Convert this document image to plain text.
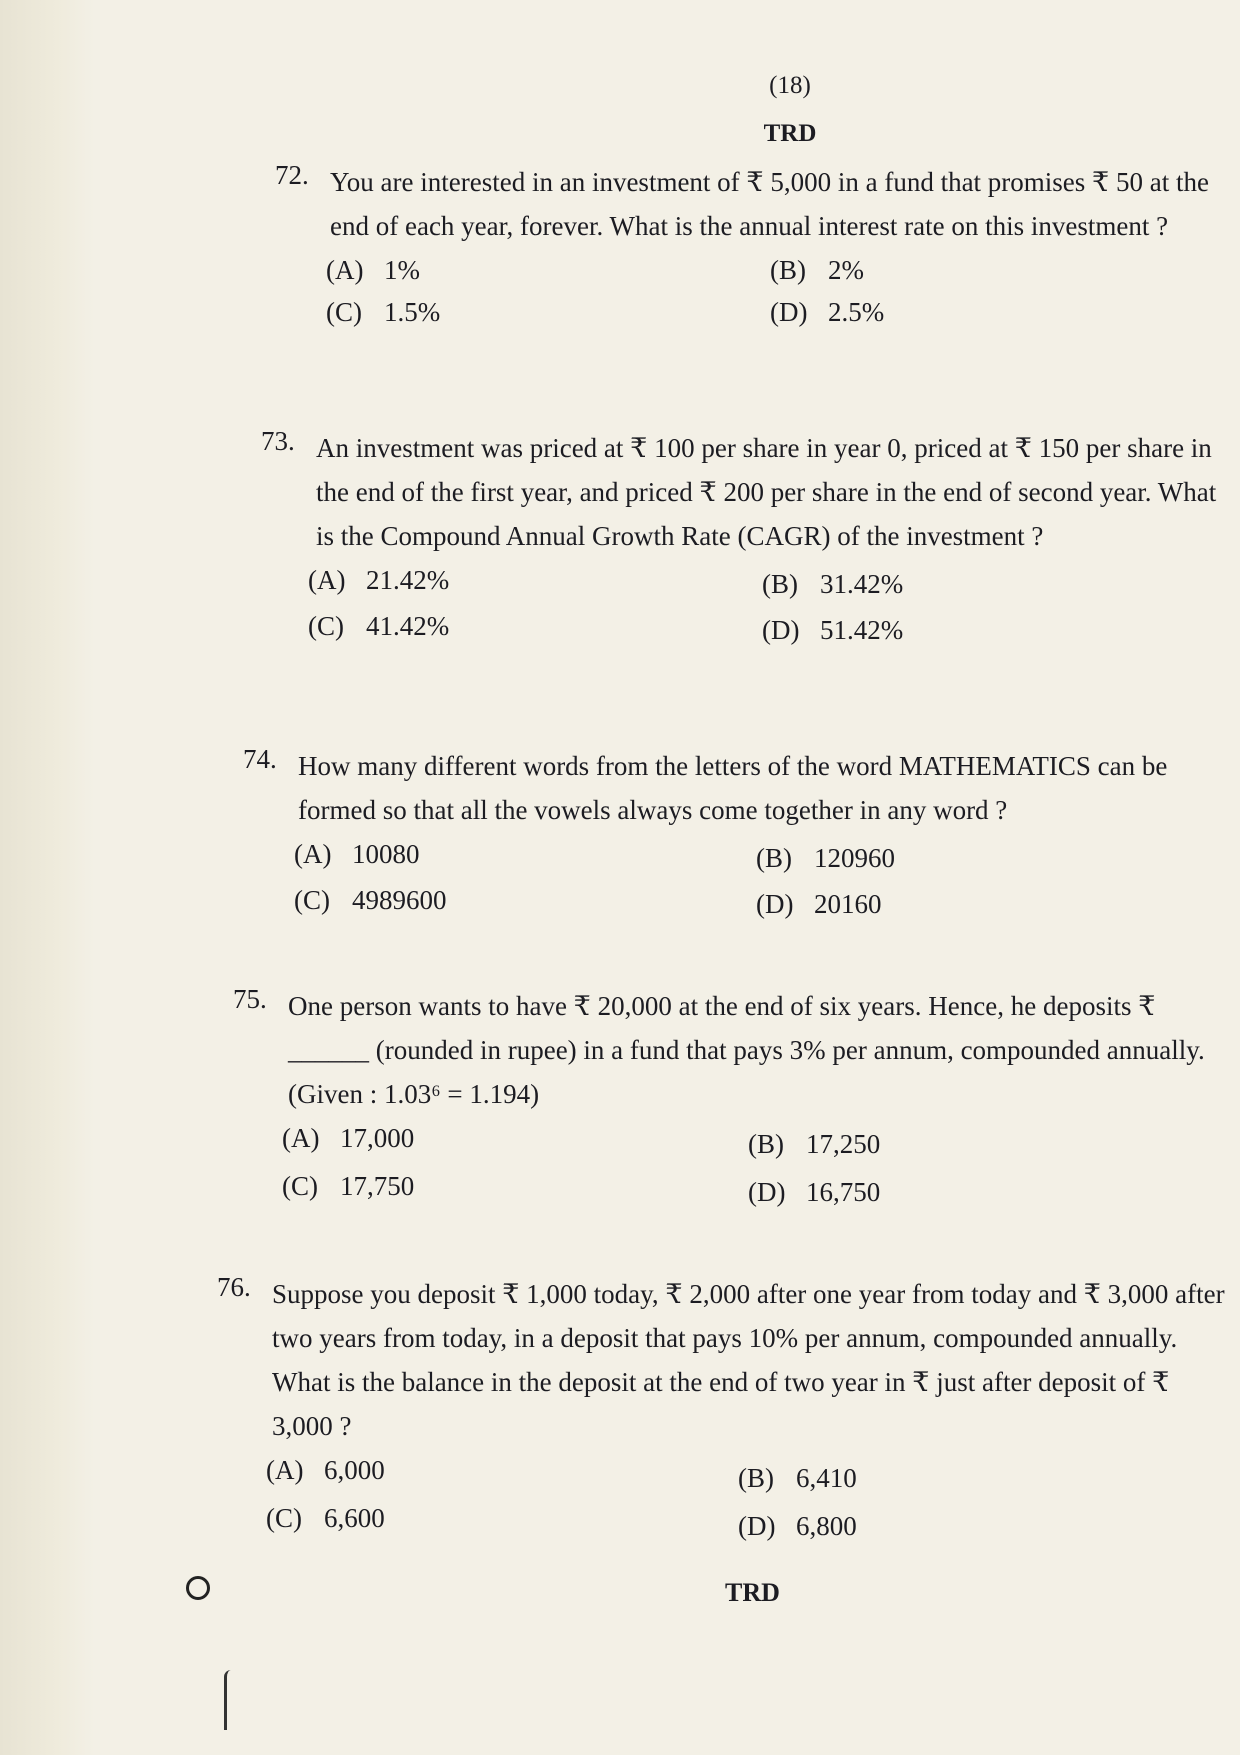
(18)
TRD
72. You are interested in an investment of ₹ 5,000 in a fund that promises ₹ 50 at the end of each year, forever. What is the annual interest rate on this investment ?
(A) 1%	(B) 2%
(C) 1.5%	(D) 2.5%
73. An investment was priced at ₹ 100 per share in year 0, priced at ₹ 150 per share in the end of the first year, and priced ₹ 200 per share in the end of second year. What is the Compound Annual Growth Rate (CAGR) of the investment ?
(A) 21.42%	(B) 31.42%
(C) 41.42%	(D) 51.42%
74. How many different words from the letters of the word MATHEMATICS can be formed so that all the vowels always come together in any word ?
(A) 10080	(B) 120960
(C) 4989600	(D) 20160
75. One person wants to have ₹ 20,000 at the end of six years. Hence, he deposits ₹ ______ (rounded in rupee) in a fund that pays 3% per annum, compounded annually. (Given : 1.03⁶ = 1.194)
(A) 17,000	(B) 17,250
(C) 17,750	(D) 16,750
76. Suppose you deposit ₹ 1,000 today, ₹ 2,000 after one year from today and ₹ 3,000 after two years from today, in a deposit that pays 10% per annum, compounded annually. What is the balance in the deposit at the end of two year in ₹ just after deposit of ₹ 3,000 ?
(A) 6,000	(B) 6,410
(C) 6,600	(D) 6,800
TRD
